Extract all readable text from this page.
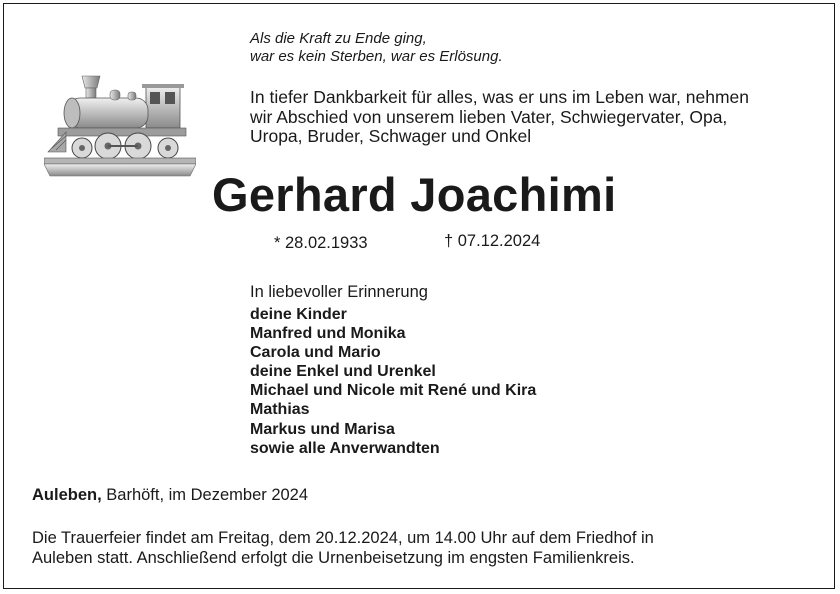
Als die Kraft zu Ende ging,
war es kein Sterben, war es Erlösung.
In tiefer Dankbarkeit für alles, was er uns im Leben war, nehmen
wir Abschied von unserem lieben Vater, Schwiegervater, Opa,
Uropa, Bruder, Schwager und Onkel
Gerhard Joachimi
* 28.02.1933	† 07.12.2024
In liebevoller Erinnerung
deine Kinder
Manfred und Monika
Carola und Mario
deine Enkel und Urenkel
Michael und Nicole mit René und Kira
Mathias
Markus und Marisa
sowie alle Anverwandten
Auleben, Barhöft, im Dezember 2024
Die Trauerfeier findet am Freitag, dem 20.12.2024, um 14.00 Uhr auf dem Friedhof in
Auleben statt. Anschließend erfolgt die Urnenbeisetzung im engsten Familienkreis.
